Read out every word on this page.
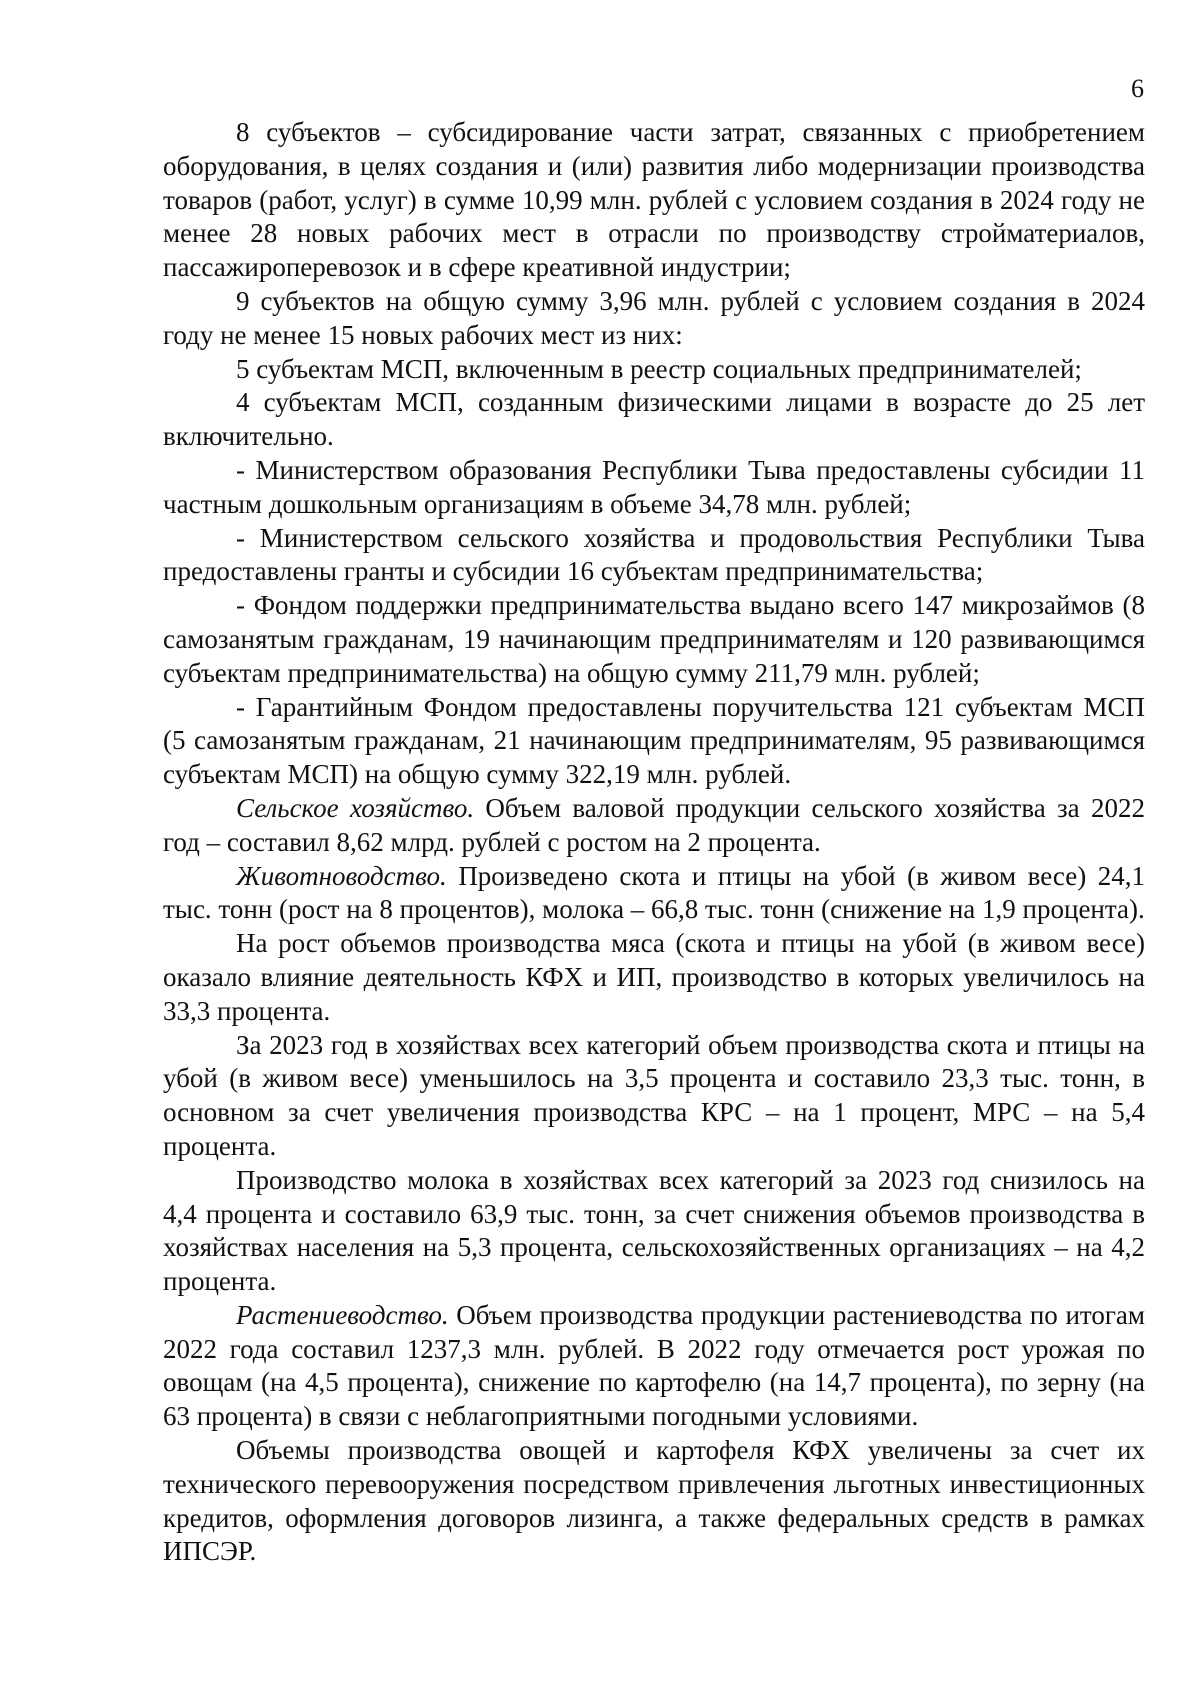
6

8 субъектов – субсидирование части затрат, связанных с приобретением оборудования, в целях создания и (или) развития либо модернизации производства товаров (работ, услуг) в сумме 10,99 млн. рублей с условием создания в 2024 году не менее 28 новых рабочих мест в отрасли по производству стройматериалов, пассажироперевозок и в сфере креативной индустрии;

9 субъектов на общую сумму 3,96 млн. рублей с условием создания в 2024 году не менее 15 новых рабочих мест из них:

5 субъектам МСП, включенным в реестр социальных предпринимателей;

4 субъектам МСП, созданным физическими лицами в возрасте до 25 лет включительно.

- Министерством образования Республики Тыва предоставлены субсидии 11 частным дошкольным организациям в объеме 34,78 млн. рублей;

- Министерством сельского хозяйства и продовольствия Республики Тыва предоставлены гранты и субсидии 16 субъектам предпринимательства;

- Фондом поддержки предпринимательства выдано всего 147 микрозаймов (8 самозанятым гражданам, 19 начинающим предпринимателям и 120 развивающимся субъектам предпринимательства) на общую сумму 211,79 млн. рублей;

- Гарантийным Фондом предоставлены поручительства 121 субъектам МСП (5 самозанятым гражданам, 21 начинающим предпринимателям, 95 развивающимся субъектам МСП) на общую сумму 322,19 млн. рублей.

Сельское хозяйство. Объем валовой продукции сельского хозяйства за 2022 год – составил 8,62 млрд. рублей с ростом на 2 процента.

Животноводство. Произведено скота и птицы на убой (в живом весе) 24,1 тыс. тонн (рост на 8 процентов), молока – 66,8 тыс. тонн (снижение на 1,9 процента).

На рост объемов производства мяса (скота и птицы на убой (в живом весе) оказало влияние деятельность КФХ и ИП, производство в которых увеличилось на 33,3 процента.

За 2023 год в хозяйствах всех категорий объем производства скота и птицы на убой (в живом весе) уменьшилось на 3,5 процента и составило 23,3 тыс. тонн, в основном за счет увеличения производства КРС – на 1 процент, МРС – на 5,4 процента.

Производство молока в хозяйствах всех категорий за 2023 год снизилось на 4,4 процента и составило 63,9 тыс. тонн, за счет снижения объемов производства в хозяйствах населения на 5,3 процента, сельскохозяйственных организациях – на 4,2 процента.

Растениеводство. Объем производства продукции растениеводства по итогам 2022 года составил 1237,3 млн. рублей. В 2022 году отмечается рост урожая по овощам (на 4,5 процента), снижение по картофелю (на 14,7 процента), по зерну (на 63 процента) в связи с неблагоприятными погодными условиями.

Объемы производства овощей и картофеля КФХ увеличены за счет их технического перевооружения посредством привлечения льготных инвестиционных кредитов, оформления договоров лизинга, а также федеральных средств в рамках ИПСЭР.
